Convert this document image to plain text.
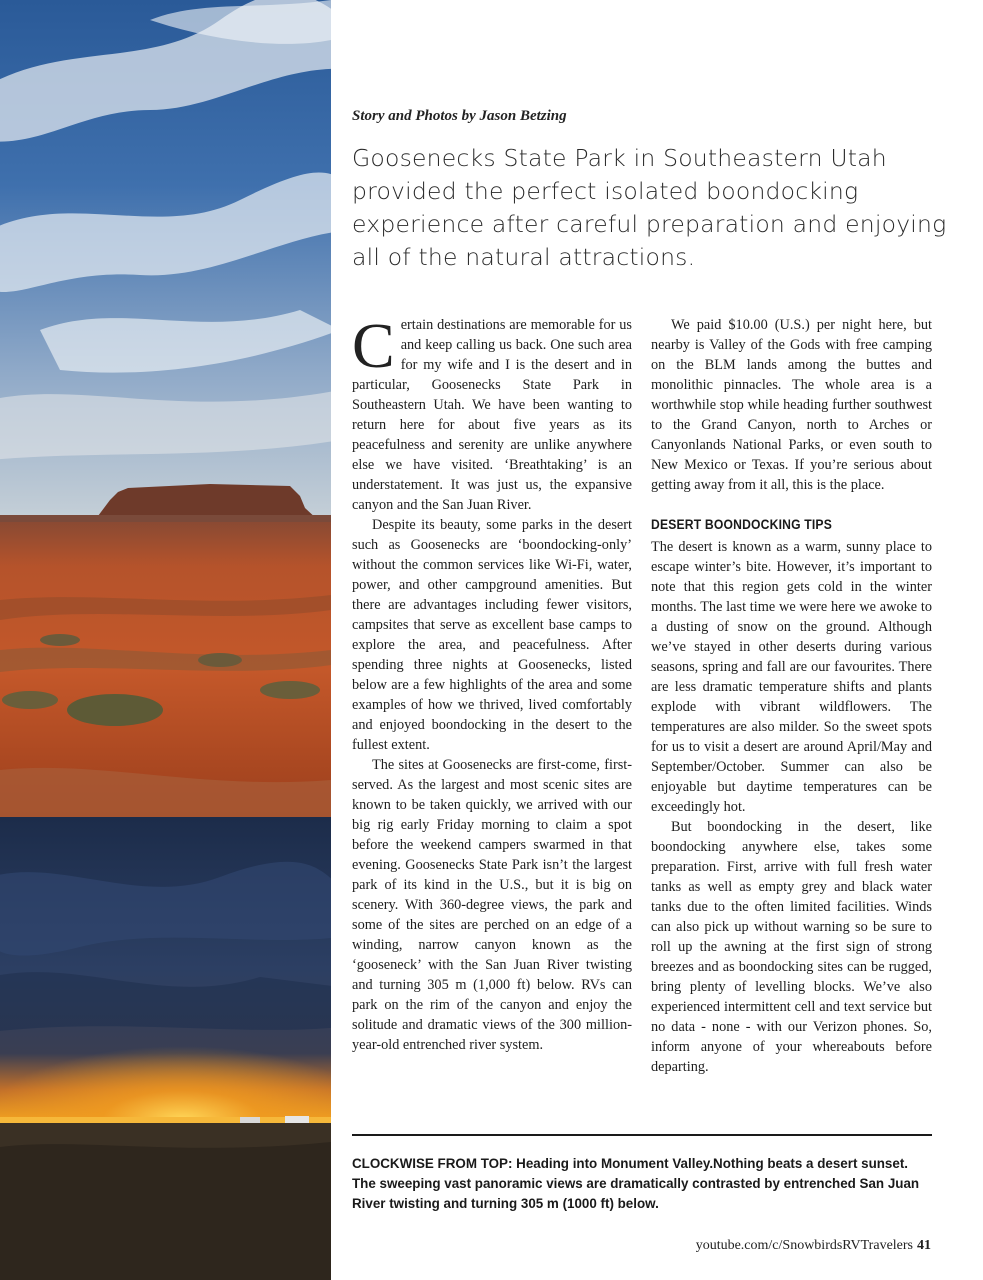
Story and Photos by Jason Betzing

Goosenecks State Park in Southeastern Utah provided the perfect isolated boondocking experience after careful preparation and enjoying all of the natural attractions.

Certain destinations are memorable for us and keep calling us back. One such area for my wife and I is the desert and in particular, Goosenecks State Park in Southeastern Utah. We have been wanting to return here for about five years as its peacefulness and serenity are unlike anywhere else we have visited. ‘Breathtaking’ is an understatement. It was just us, the expansive canyon and the San Juan River.

Despite its beauty, some parks in the desert such as Goosenecks are ‘boondocking-only’ without the common services like Wi-Fi, water, power, and other campground amenities. But there are advantages including fewer visitors, campsites that serve as excellent base camps to explore the area, and peacefulness. After spending three nights at Goosenecks, listed below are a few highlights of the area and some examples of how we thrived, lived comfortably and enjoyed boondocking in the desert to the fullest extent.

The sites at Goosenecks are first-come, first-served. As the largest and most scenic sites are known to be taken quickly, we arrived with our big rig early Friday morning to claim a spot before the weekend campers swarmed in that evening. Goosenecks State Park isn’t the largest park of its kind in the U.S., but it is big on scenery. With 360-degree views, the park and some of the sites are perched on an edge of a winding, narrow canyon known as the ‘gooseneck’ with the San Juan River twisting and turning 305 m (1,000 ft) below. RVs can park on the rim of the canyon and enjoy the solitude and dramatic views of the 300 million-year-old entrenched river system.

We paid $10.00 (U.S.) per night here, but nearby is Valley of the Gods with free camping on the BLM lands among the buttes and monolithic pinnacles. The whole area is a worthwhile stop while heading further southwest to the Grand Canyon, north to Arches or Canyonlands National Parks, or even south to New Mexico or Texas. If you’re serious about getting away from it all, this is the place.

DESERT BOONDOCKING TIPS

The desert is known as a warm, sunny place to escape winter’s bite. However, it’s important to note that this region gets cold in the winter months. The last time we were here we awoke to a dusting of snow on the ground. Although we’ve stayed in other deserts during various seasons, spring and fall are our favourites. There are less dramatic temperature shifts and plants explode with vibrant wildflowers. The temperatures are also milder. So the sweet spots for us to visit a desert are around April/May and September/October. Summer can also be enjoyable but daytime temperatures can be exceedingly hot.

But boondocking in the desert, like boondocking anywhere else, takes some preparation. First, arrive with full fresh water tanks as well as empty grey and black water tanks due to the often limited facilities. Winds can also pick up without warning so be sure to roll up the awning at the first sign of strong breezes and as boondocking sites can be rugged, bring plenty of levelling blocks. We’ve also experienced intermittent cell and text service but no data - none - with our Verizon phones. So, inform anyone of your whereabouts before departing.

CLOCKWISE FROM TOP: Heading into Monument Valley.Nothing beats a desert sunset. The sweeping vast panoramic views are dramatically contrasted by entrenched San Juan River twisting and turning 305 m (1000 ft) below.

youtube.com/c/SnowbirdsRVTravelers 41
